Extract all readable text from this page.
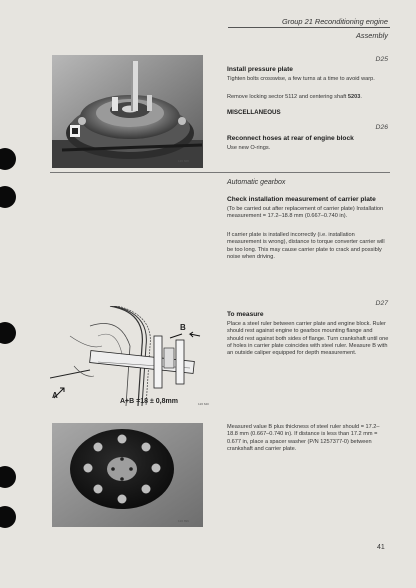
Group 21 Reconditioning engine
Assembly
126 668
D25
Install pressure plate
Tighten bolts crosswise, a few turns at a time to avoid warp.
Remove locking sector 5112 and centering shaft 5203.
MISCELLANEOUS
D26
Reconnect hoses at rear of engine block
Use new O-rings.
Automatic gearbox
Check installation measurement of carrier plate
(To be carried out after replacement of carrier plate) Installation measurement = 17.2–18.8 mm (0.667–0.740 in).
If carrier plate is installed incorrectly (i.e. installation measurement is wrong), distance to torque converter carrier will be too long. This may cause carrier plate to crack and possibly noise when driving.
B
A
A+B =18 ± 0,8mm	126 640
D27
To measure
Place a steel ruler between carrier plate and engine block. Ruler should rest against engine to gearbox mounting flange and should rest against both sides of flange. Turn crankshaft until one of holes in carrier plate coincides with steel ruler. Measure B with an outside caliper equipped for depth measurement.
126 899
Measured value B plus thickness of steel ruler should = 17.2–18.8 mm (0.667–0.740 in). If distance is less than 17.2 mm = 0.677 in, place a spacer washer (P/N 1257377-0) between crankshaft and carrier plate.
41
